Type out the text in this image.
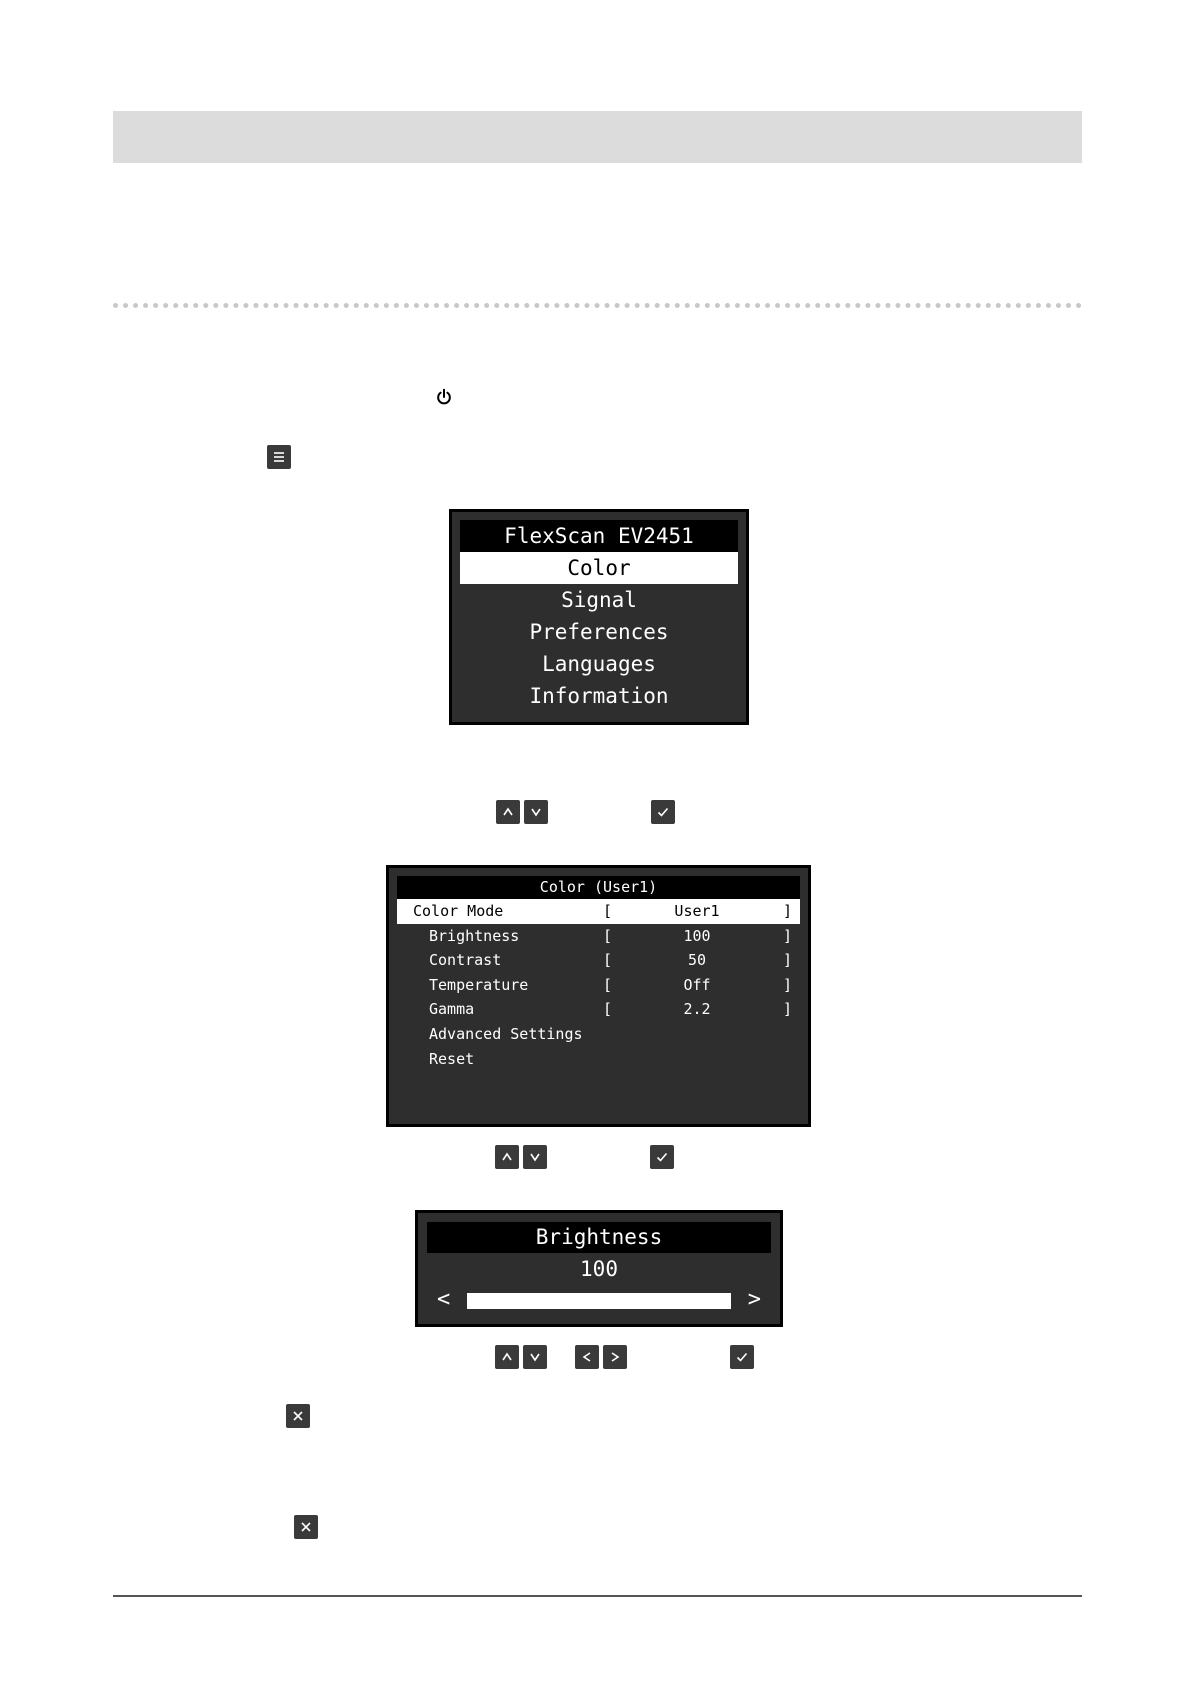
FlexScan EV2451
Color
Signal
Preferences
Languages
Information
Color (User1)
Color Mode	[	User1	]
Brightness	[	100	]
Contrast	[	50	]
Temperature	[	Off	]
Gamma	[	2.2	]
Advanced Settings
Reset
Brightness
100
<	>
